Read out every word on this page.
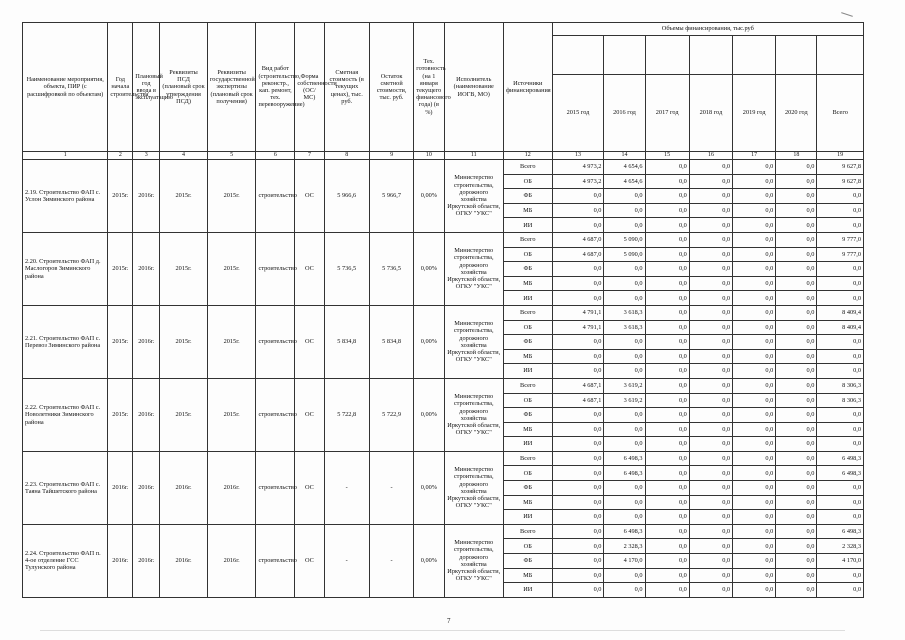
Наименование мероприятия, объекта, ПИР (с расшифровкой по объектам)	Год начала строительства	Плановый год ввода в эксплуатацию	Реквизиты ПСД (плановый срок утверждения ПСД)	Реквизиты государственной экспертизы (плановый срок получения)	Вид работ (строительство, реконстр., кап. ремонт, тех. перевооружение)	Форма собственности (ОС/МС)	Сметная стоимость (в текущих ценах), тыс. руб.	Остаток сметной стоимости, тыс. руб.	Тех. готовность (на 1 января текущего финансового года) (в %)	Исполнитель (наименование ИОГВ, МО)	Источники финансирования	Объемы финансирования, тыс.руб						

												2015 год	2016 год	2017 год	2018 год	2019 год	2020 год	Всего
1	2	3	4	5	6	7	8	9	10	11	12	13	14	15	16	17	18	19
2.19. Строительство ФАП с. Услон Зиминского района	2015г.	2016г.	2015г.	2015г.	строительство	ОС	5 966,6	5 966,7	0,00%	Министерство строительства, дорожного хозяйства Иркутской области, ОГКУ "УКС"	Всего	4 973,2	4 654,6	0,0	0,0	0,0	0,0	9 627,8
											ОБ	4 973,2	4 654,6	0,0	0,0	0,0	0,0	9 627,8
											ФБ	0,0	0,0	0,0	0,0	0,0	0,0	0,0
											МБ	0,0	0,0	0,0	0,0	0,0	0,0	0,0
											ИИ	0,0	0,0	0,0	0,0	0,0	0,0	0,0
2.20. Строительство ФАП д. Маслогоров Зиминского района	2015г.	2016г.	2015г.	2015г.	строительство	ОС	5 736,5	5 736,5	0,00%	Министерство строительства, дорожного хозяйства Иркутской области, ОГКУ "УКС"	Всего	4 687,0	5 090,0	0,0	0,0	0,0	0,0	9 777,0
											ОБ	4 687,0	5 090,0	0,0	0,0	0,0	0,0	9 777,0
											ФБ	0,0	0,0	0,0	0,0	0,0	0,0	0,0
											МБ	0,0	0,0	0,0	0,0	0,0	0,0	0,0
											ИИ	0,0	0,0	0,0	0,0	0,0	0,0	0,0
2.21. Строительство ФАП с. Перевоз Зиминского района	2015г.	2016г.	2015г.	2015г.	строительство	ОС	5 834,8	5 834,8	0,00%	Министерство строительства, дорожного хозяйства Иркутской области, ОГКУ "УКС"	Всего	4 791,1	3 618,3	0,0	0,0	0,0	0,0	8 409,4
											ОБ	4 791,1	3 618,3	0,0	0,0	0,0	0,0	8 409,4
											ФБ	0,0	0,0	0,0	0,0	0,0	0,0	0,0
											МБ	0,0	0,0	0,0	0,0	0,0	0,0	0,0
											ИИ	0,0	0,0	0,0	0,0	0,0	0,0	0,0
2.22. Строительство ФАП с. Новолетники Зиминского района	2015г.	2016г.	2015г.	2015г.	строительство	ОС	5 722,8	5 722,9	0,00%	Министерство строительства, дорожного хозяйства Иркутской области, ОГКУ "УКС"	Всего	4 687,1	3 619,2	0,0	0,0	0,0	0,0	8 306,3
											ОБ	4 687,1	3 619,2	0,0	0,0	0,0	0,0	8 306,3
											ФБ	0,0	0,0	0,0	0,0	0,0	0,0	0,0
											МБ	0,0	0,0	0,0	0,0	0,0	0,0	0,0
											ИИ	0,0	0,0	0,0	0,0	0,0	0,0	0,0
2.23. Строительство ФАП с. Таяна Тайшетского района	2016г.	2016г.	2016г.	2016г.	строительство	ОС	-	-	0,00%	Министерство строительства, дорожного хозяйства Иркутской области, ОГКУ "УКС"	Всего	0,0	6 498,3	0,0	0,0	0,0	0,0	6 498,3
											ОБ	0,0	6 498,3	0,0	0,0	0,0	0,0	6 498,3
											ФБ	0,0	0,0	0,0	0,0	0,0	0,0	0,0
											МБ	0,0	0,0	0,0	0,0	0,0	0,0	0,0
											ИИ	0,0	0,0	0,0	0,0	0,0	0,0	0,0
2.24. Строительство ФАП п. 4-ое отделение ГСС Тулунского района	2016г.	2016г.	2016г.	2016г.	строительство	ОС	-	-	0,00%	Министерство строительства, дорожного хозяйства Иркутской области, ОГКУ "УКС"	Всего	0,0	6 498,3	0,0	0,0	0,0	0,0	6 498,3
											ОБ	0,0	2 328,3	0,0	0,0	0,0	0,0	2 328,3
											ФБ	0,0	4 170,0	0,0	0,0	0,0	0,0	4 170,0
											МБ	0,0	0,0	0,0	0,0	0,0	0,0	0,0
											ИИ	0,0	0,0	0,0	0,0	0,0	0,0	0,0
7
